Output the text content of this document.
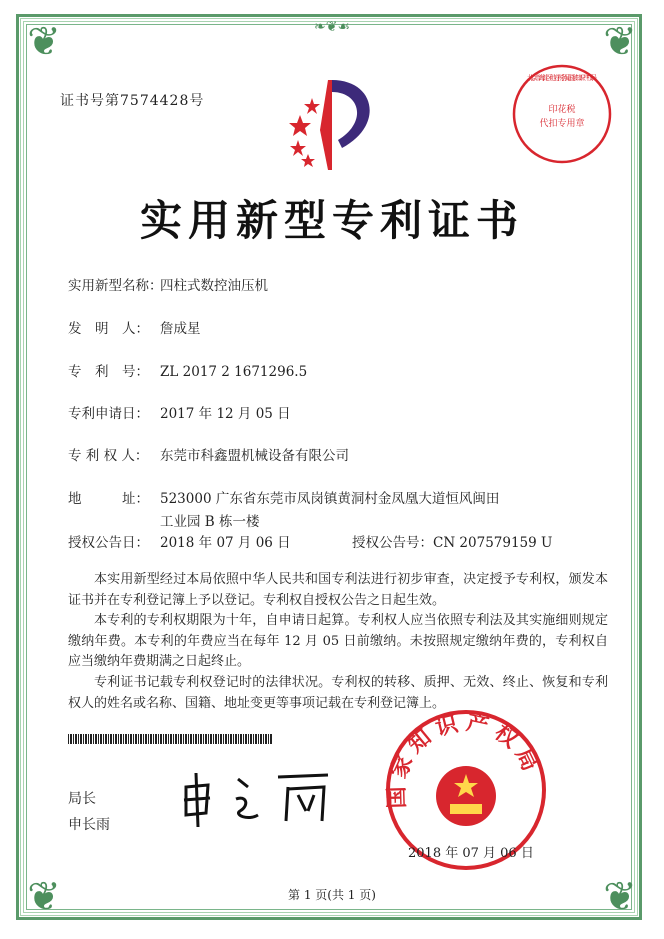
❦	❦
❦	❦
❧❦☙
证书号第7574428号
北京市海淀区地方税务局 国家知识产权局
印花税
代扣专用章
实用新型专利证书
实用新型名称：四柱式数控油压机
发　明　人： 詹成星
专　利　号： ZL 2017 2 1671296.5
专利申请日： 2017 年 12 月 05 日
专 利 权 人： 东莞市科鑫盟机械设备有限公司
地　　　址： 523000 广东省东莞市凤岗镇黄洞村金凤凰大道恒风闽田
工业园 B 栋一楼
授权公告日： 2018 年 07 月 06 日	授权公告号：CN 207579159 U
本实用新型经过本局依照中华人民共和国专利法进行初步审查，决定授予专利权，颁发本证书并在专利登记簿上予以登记。专利权自授权公告之日起生效。
本专利的专利权期限为十年，自申请日起算。专利权人应当依照专利法及其实施细则规定缴纳年费。本专利的年费应当在每年 12 月 05 日前缴纳。未按照规定缴纳年费的，专利权自应当缴纳年费期满之日起终止。
专利证书记载专利权登记时的法律状况。专利权的转移、质押、无效、终止、恢复和专利权人的姓名或名称、国籍、地址变更等事项记载在专利登记簿上。
局长
申长雨
国家知识产权局
2018 年 07 月 06 日
第 1 页(共 1 页)
